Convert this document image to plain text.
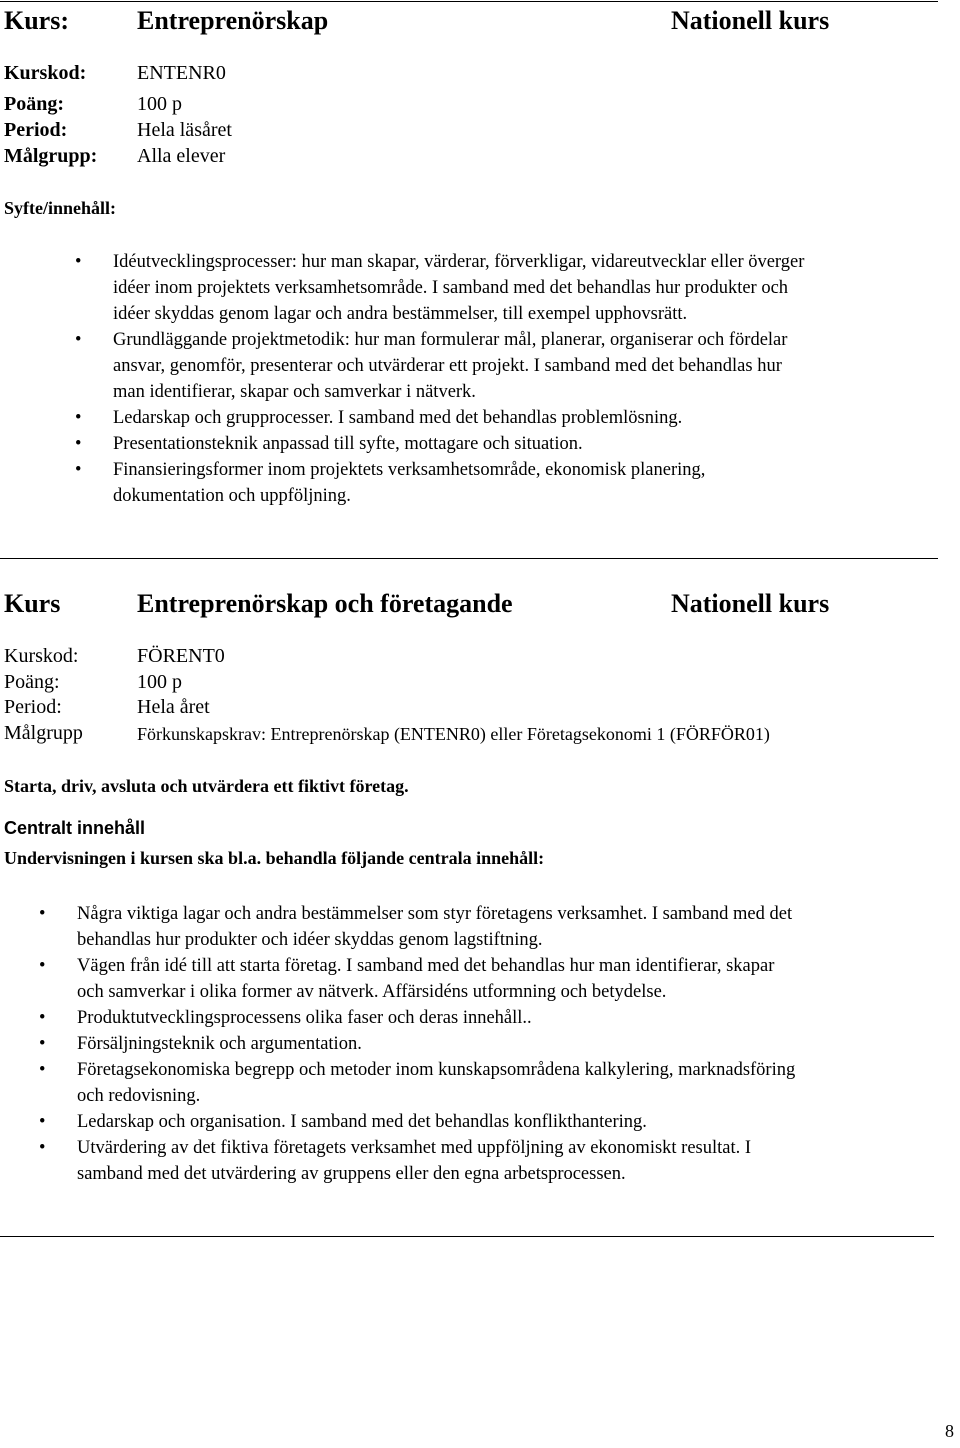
Kurs:	Entreprenörskap	Nationell kurs
Kurskod:	ENTENR0
Poäng:	100 p
Period:	Hela läsåret
Målgrupp: Alla elever
Syfte/innehåll:
• Idéutvecklingsprocesser: hur man skapar, värderar, förverkligar, vidareutvecklar eller överger
idéer inom projektets verksamhetsområde. I samband med det behandlas hur produkter och
idéer skyddas genom lagar och andra bestämmelser, till exempel upphovsrätt.
• Grundläggande projektmetodik: hur man formulerar mål, planerar, organiserar och fördelar
ansvar, genomför, presenterar och utvärderar ett projekt. I samband med det behandlas hur
man identifierar, skapar och samverkar i nätverk.
• Ledarskap och grupprocesser. I samband med det behandlas problemlösning.
• Presentationsteknik anpassad till syfte, mottagare och situation.
• Finansieringsformer inom projektets verksamhetsområde, ekonomisk planering,
dokumentation och uppföljning.
Kurs	Entreprenörskap och företagande	Nationell kurs
Kurskod:	FÖRENT0
Poäng:	100 p
Period:	Hela året
Målgrupp	Förkunskapskrav: Entreprenörskap (ENTENR0) eller Företagsekonomi 1 (FÖRFÖR01)
Starta, driv, avsluta och utvärdera ett fiktivt företag.
Centralt innehåll
Undervisningen i kursen ska bl.a. behandla följande centrala innehåll:
• Några viktiga lagar och andra bestämmelser som styr företagens verksamhet. I samband med det
behandlas hur produkter och idéer skyddas genom lagstiftning.
• Vägen från idé till att starta företag. I samband med det behandlas hur man identifierar, skapar
och samverkar i olika former av nätverk. Affärsidéns utformning och betydelse.
• Produktutvecklingsprocessens olika faser och deras innehåll..
• Försäljningsteknik och argumentation.
• Företagsekonomiska begrepp och metoder inom kunskapsområdena kalkylering, marknadsföring
och redovisning.
• Ledarskap och organisation. I samband med det behandlas konflikthantering.
• Utvärdering av det fiktiva företagets verksamhet med uppföljning av ekonomiskt resultat. I
samband med det utvärdering av gruppens eller den egna arbetsprocessen.
8
